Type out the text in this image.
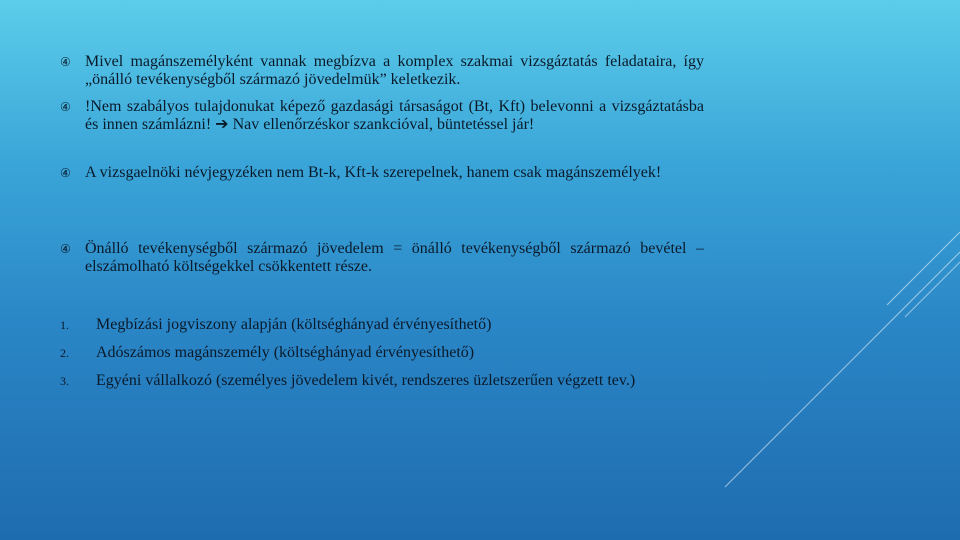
④ Mivel magánszemélyként vannak megbízva a komplex szakmai vizsgáztatás feladataira, így „önálló tevékenységből származó jövedelmük” keletkezik.
④ !Nem szabályos tulajdonukat képező gazdasági társaságot (Bt, Kft) belevonni a vizsgáztatásba és innen számlázni! ➔ Nav ellenőrzéskor szankcióval, büntetéssel jár!
④ A vizsgaelnöki névjegyzéken nem Bt-k, Kft-k szerepelnek, hanem csak magánszemélyek!
④ Önálló tevékenységből származó jövedelem = önálló tevékenységből származó bevétel – elszámolható költségekkel csökkentett része.
1. Megbízási jogviszony alapján (költséghányad érvényesíthető)
2. Adószámos magánszemély (költséghányad érvényesíthető)
3. Egyéni vállalkozó (személyes jövedelem kivét, rendszeres üzletszerűen végzett tev.)
